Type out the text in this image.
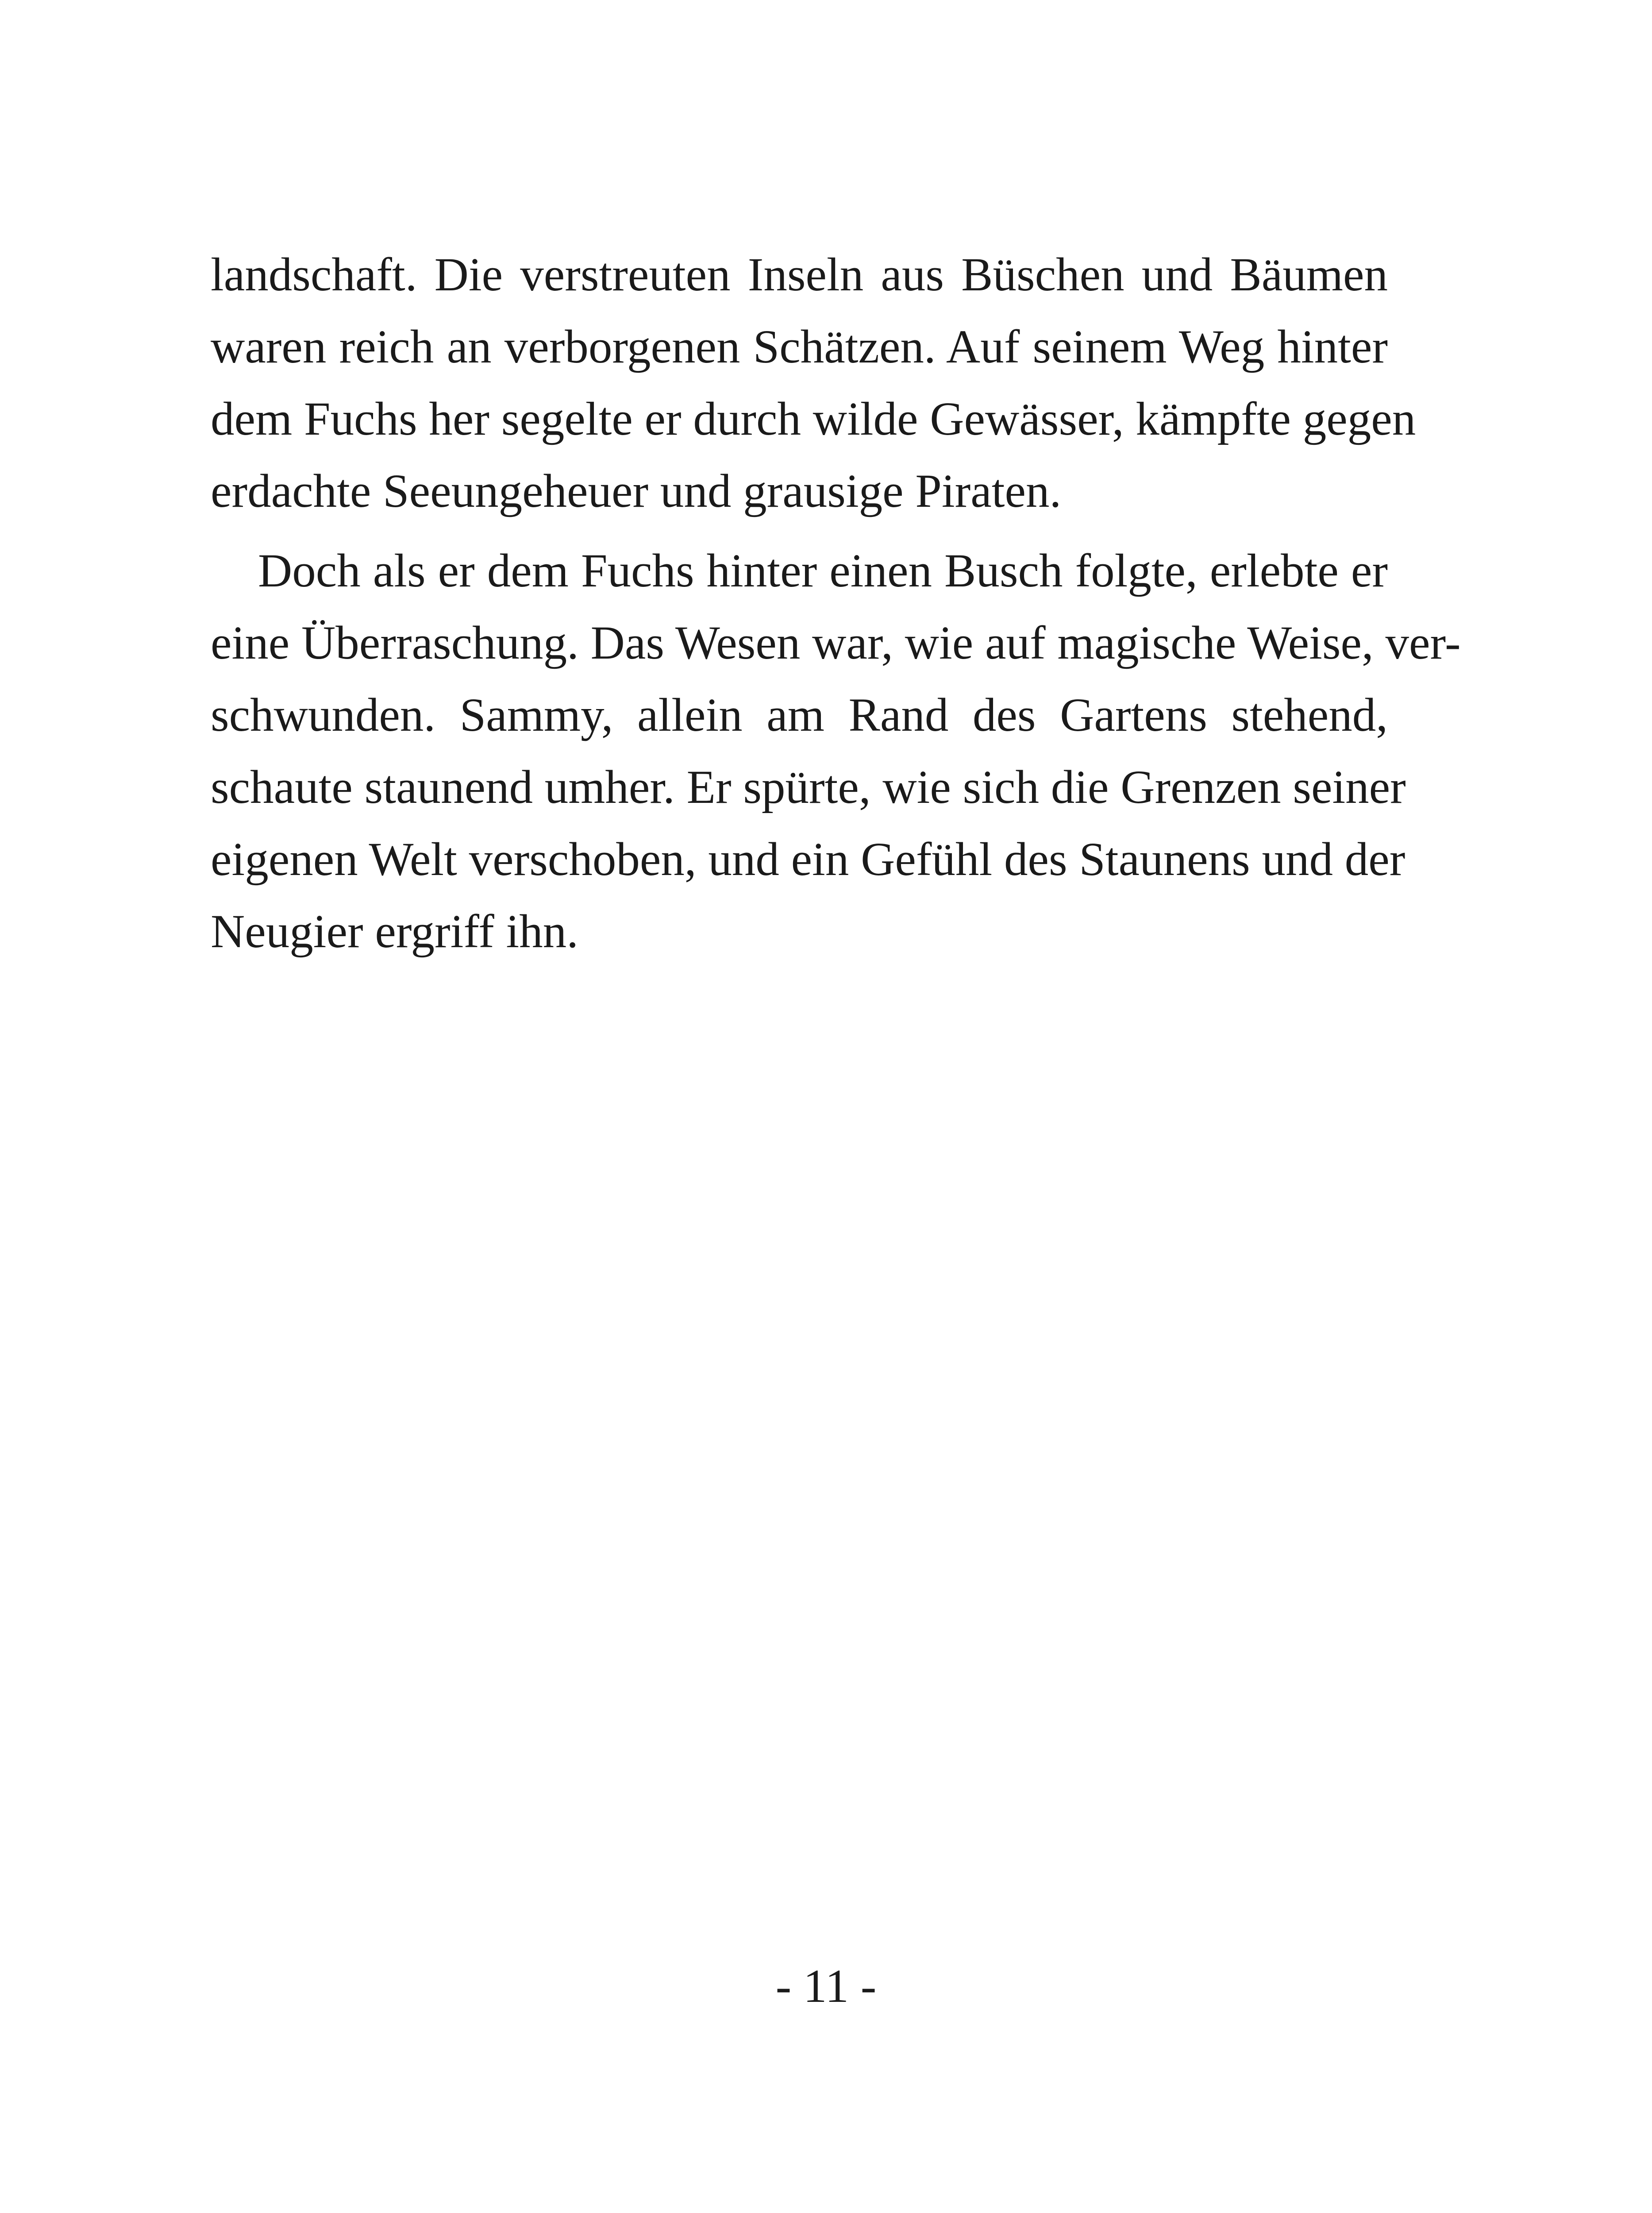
landschaft. Die verstreuten Inseln aus Büschen und Bäumen
waren reich an verborgenen Schätzen. Auf seinem Weg hinter
dem Fuchs her segelte er durch wilde Gewässer, kämpfte gegen
erdachte Seeungeheuer und grausige Piraten.

Doch als er dem Fuchs hinter einen Busch folgte, erlebte er
eine Überraschung. Das Wesen war, wie auf magische Weise, ver-
schwunden. Sammy, allein am Rand des Gartens stehend,
schaute staunend umher. Er spürte, wie sich die Grenzen seiner
eigenen Welt verschoben, und ein Gefühl des Staunens und der
Neugier ergriff ihn.

- 11 -
